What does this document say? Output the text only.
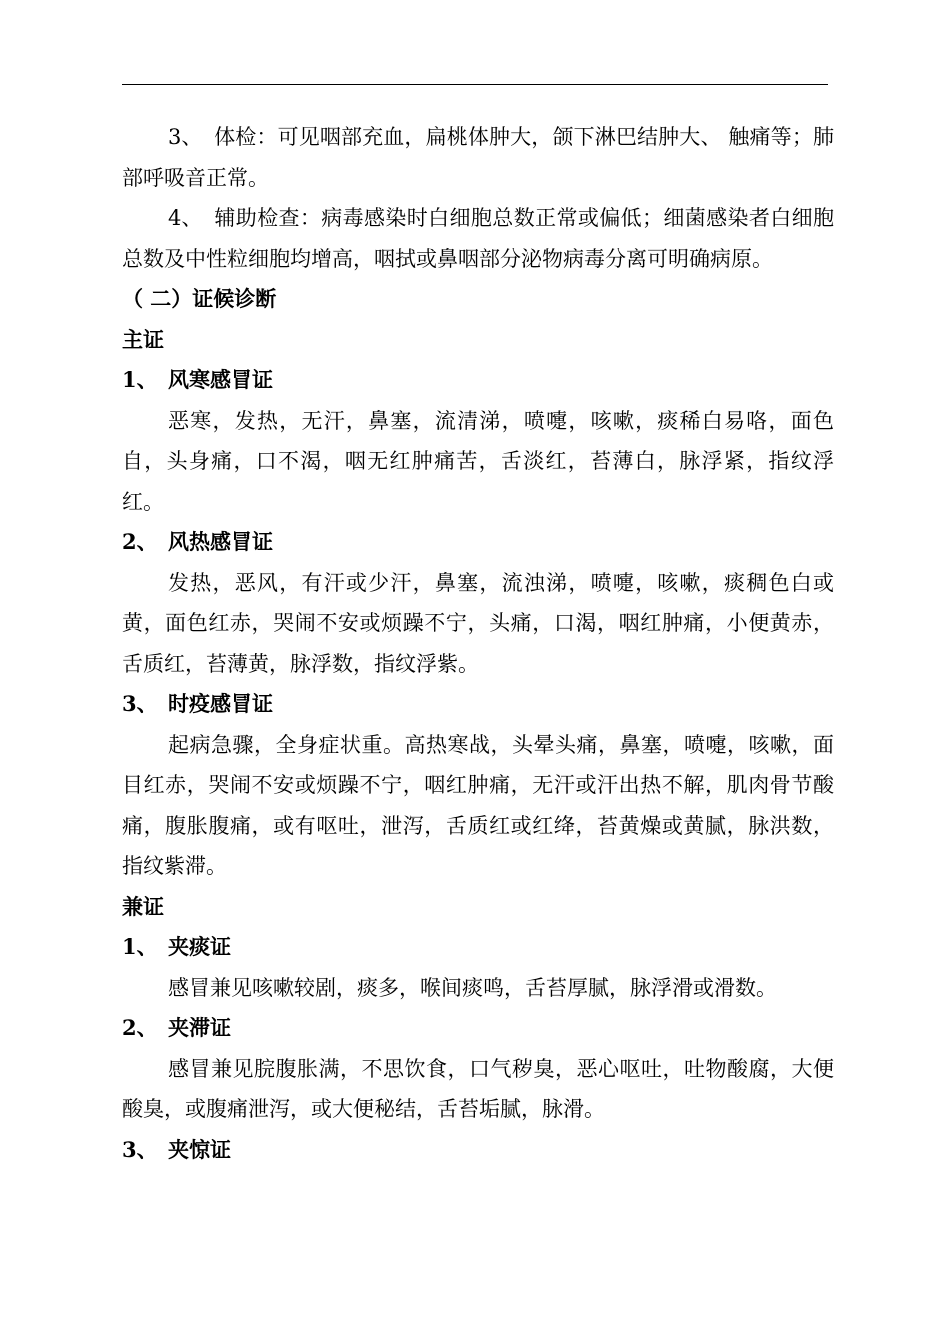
3、 体检：可见咽部充血，扁桃体肿大，颌下淋巴结肿大、 触痛等；肺部呼吸音正常。

4、 辅助检查：病毒感染时白细胞总数正常或偏低；细菌感染者白细胞总数及中性粒细胞均增高，咽拭或鼻咽部分泌物病毒分离可明确病原。

（ 二）证候诊断

主证

1、 风寒感冒证

恶寒，发热，无汗，鼻塞，流清涕，喷嚏，咳嗽，痰稀白易咯，面色自，头身痛，口不渴，咽无红肿痛苦，舌淡红，苔薄白，脉浮紧，指纹浮红。

2、 风热感冒证

发热，恶风，有汗或少汗，鼻塞，流浊涕，喷嚏，咳嗽，痰稠色白或黄，面色红赤，哭闹不安或烦躁不宁，头痛，口渴，咽红肿痛，小便黄赤，舌质红，苔薄黄，脉浮数，指纹浮紫。

3、 时疫感冒证

起病急骤，全身症状重。高热寒战，头晕头痛，鼻塞，喷嚏，咳嗽，面目红赤，哭闹不安或烦躁不宁，咽红肿痛，无汗或汗出热不解，肌肉骨节酸痛，腹胀腹痛，或有呕吐，泄泻，舌质红或红绛，苔黄燥或黄腻，脉洪数，指纹紫滞。

兼证

1、 夹痰证

感冒兼见咳嗽较剧，痰多，喉间痰鸣，舌苔厚腻，脉浮滑或滑数。

2、 夹滞证

感冒兼见脘腹胀满，不思饮食，口气秽臭，恶心呕吐，吐物酸腐，大便酸臭，或腹痛泄泻，或大便秘结，舌苔垢腻，脉滑。

3、 夹惊证
